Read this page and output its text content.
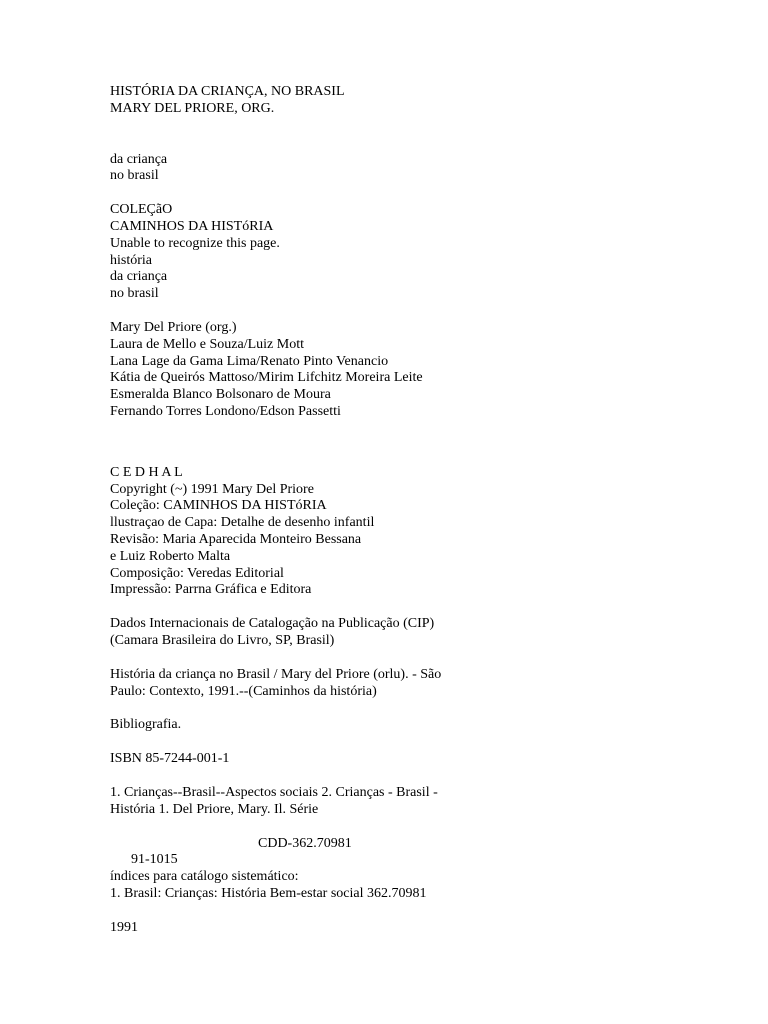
HISTÓRIA DA CRIANÇA, NO BRASIL
MARY DEL PRIORE, ORG.
da criança
no brasil
COLEÇãO
CAMINHOS DA HISTóRIA
Unable to recognize this page.
história
da criança
no brasil
Mary Del Priore (org.)
Laura de Mello e Souza/Luiz Mott
Lana Lage da Gama Lima/Renato Pinto Venancio
Kátia de Queirós Mattoso/Mirim Lifchitz Moreira Leite
Esmeralda Blanco Bolsonaro de Moura
Fernando Torres Londono/Edson Passetti
C E D H A L
Copyright (~) 1991 Mary Del Priore
Coleção: CAMINHOS DA HISTóRIA
llustraçao de Capa: Detalhe de desenho infantil
Revisão: Maria Aparecida Monteiro Bessana
e Luiz Roberto Malta
Composição: Veredas Editorial
Impressão: Parrna Gráfica e Editora
Dados Internacionais de Catalogação na Publicação (CIP)
(Camara Brasileira do Livro, SP, Brasil)
História da criança no Brasil / Mary del Priore (orlu). - São
Paulo: Contexto, 1991.--(Caminhos da história)
Bibliografia.
ISBN 85-7244-001-1
1. Crianças--Brasil--Aspectos sociais 2. Crianças - Brasil -
História 1. Del Priore, Mary. Il. Série

91-1015

CDD-362.70981

índices para catálogo sistemático:
1. Brasil: Crianças: História Bem-estar social 362.70981
1991
